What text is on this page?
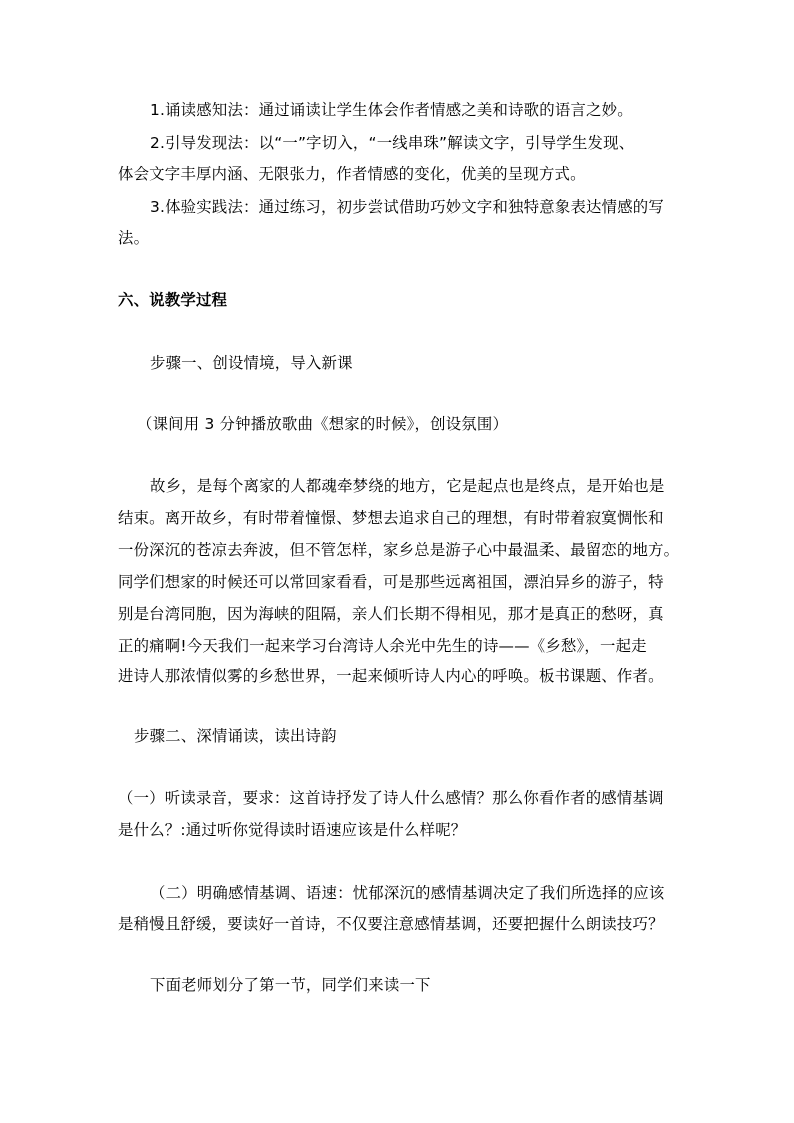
1.诵读感知法：通过诵读让学生体会作者情感之美和诗歌的语言之妙。
2.引导发现法：以“一”字切入，“一线串珠”解读文字，引导学生发现、
体会文字丰厚内涵、无限张力，作者情感的变化，优美的呈现方式。
3.体验实践法：通过练习，初步尝试借助巧妙文字和独特意象表达情感的写
法。
六、说教学过程
步骤一、创设情境，导入新课
（课间用 3 分钟播放歌曲《想家的时候》，创设氛围）
故乡，是每个离家的人都魂牵梦绕的地方，它是起点也是终点，是开始也是
结束。离开故乡，有时带着憧憬、梦想去追求自己的理想，有时带着寂寞惆怅和
一份深沉的苍凉去奔波，但不管怎样，家乡总是游子心中最温柔、最留恋的地方。
同学们想家的时候还可以常回家看看，可是那些远离祖国，漂泊异乡的游子，特
别是台湾同胞，因为海峡的阻隔，亲人们长期不得相见，那才是真正的愁呀，真
正的痛啊!今天我们一起来学习台湾诗人余光中先生的诗——《乡愁》，一起走
进诗人那浓情似雾的乡愁世界，一起来倾听诗人内心的呼唤。板书课题、作者。
步骤二、深情诵读，读出诗韵
（一）听读录音，要求：这首诗抒发了诗人什么感情？那么你看作者的感情基调
是什么？:通过听你觉得读时语速应该是什么样呢？
（二）明确感情基调、语速：忧郁深沉的感情基调决定了我们所选择的应该
是稍慢且舒缓，要读好一首诗，不仅要注意感情基调，还要把握什么朗读技巧？
下面老师划分了第一节，同学们来读一下
